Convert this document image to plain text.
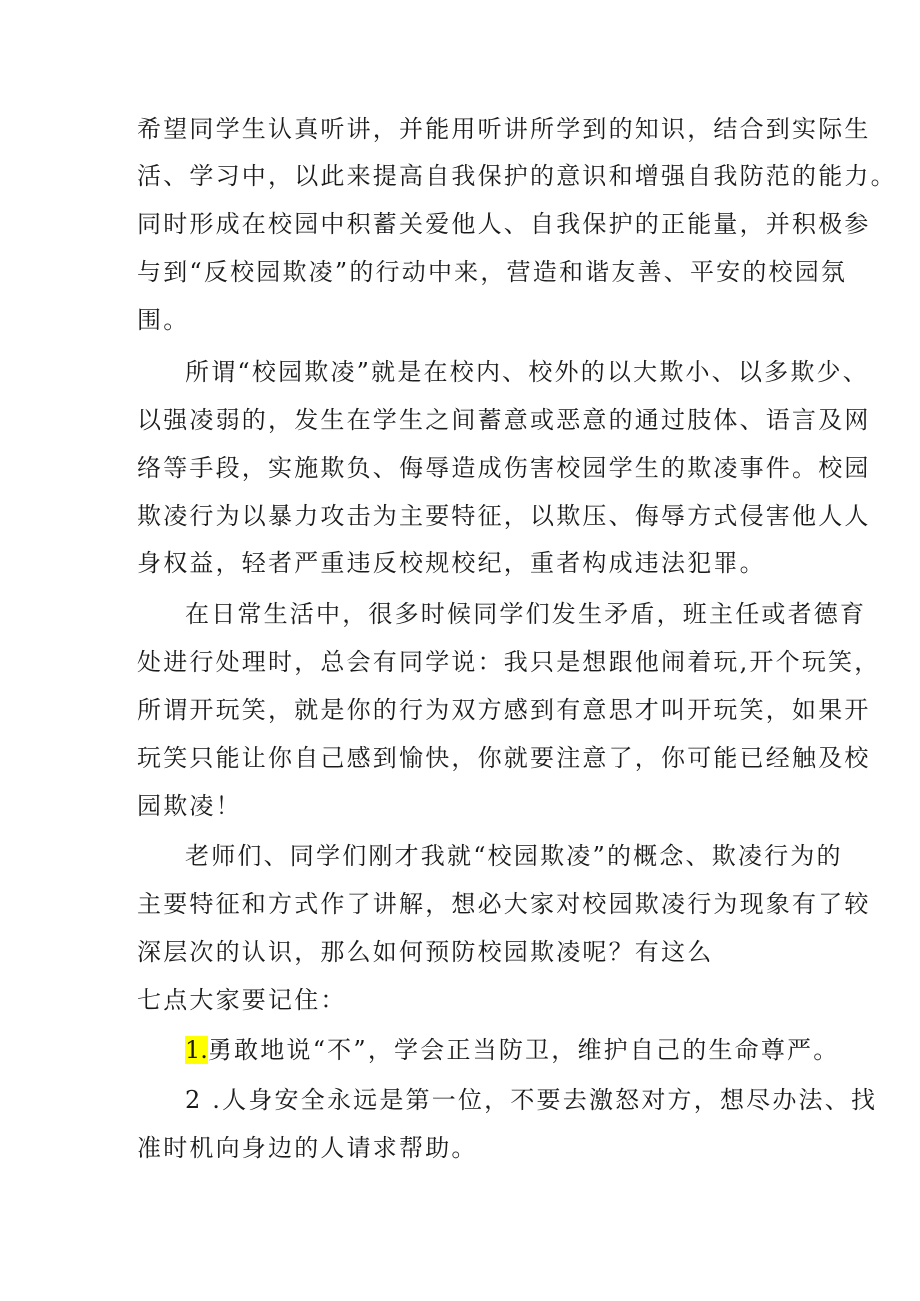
希望同学生认真听讲，并能用听讲所学到的知识，结合到实际生
活、学习中，以此来提高自我保护的意识和增强自我防范的能力。
同时形成在校园中积蓄关爱他人、自我保护的正能量，并积极参
与到“反校园欺凌”的行动中来，营造和谐友善、平安的校园氛
围。
所谓“校园欺凌”就是在校内、校外的以大欺小、以多欺少、
以强凌弱的，发生在学生之间蓄意或恶意的通过肢体、语言及网
络等手段，实施欺负、侮辱造成伤害校园学生的欺凌事件。校园
欺凌行为以暴力攻击为主要特征，以欺压、侮辱方式侵害他人人
身权益，轻者严重违反校规校纪，重者构成违法犯罪。
在日常生活中，很多时候同学们发生矛盾，班主任或者德育
处进行处理时，总会有同学说：我只是想跟他闹着玩,开个玩笑，
所谓开玩笑，就是你的行为双方感到有意思才叫开玩笑，如果开
玩笑只能让你自己感到愉快，你就要注意了，你可能已经触及校
园欺凌！
老师们、同学们刚才我就“校园欺凌”的概念、欺凌行为的
主要特征和方式作了讲解，想必大家对校园欺凌行为现象有了较
深层次的认识，那么如何预防校园欺凌呢？有这么
七点大家要记住：
1.勇敢地说“不”，学会正当防卫，维护自己的生命尊严。
2 .人身安全永远是第一位，不要去激怒对方，想尽办法、找
准时机向身边的人请求帮助。
